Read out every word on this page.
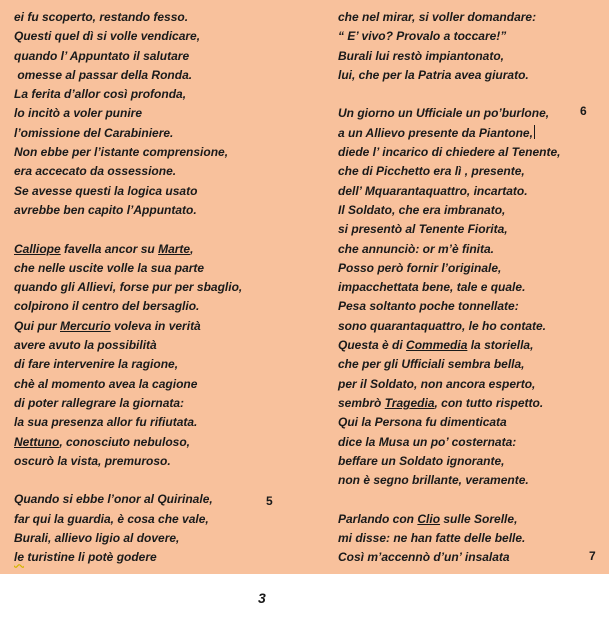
ei fu scoperto, restando fesso.
Questi quel dì si volle vendicare,
quando l’ Appuntato il salutare
omesse al passar della Ronda.
La ferita d’allor così profonda,
lo incitò a voler punire
l’omissione del Carabiniere.
Non ebbe per l’istante comprensione,
era accecato da ossessione.
Se avesse questi la logica usato
avrebbe ben capito l’Appuntato.
Calliope favella ancor su Marte,
che nelle uscite volle la sua parte
quando gli Allievi, forse pur per sbaglio,
colpirono il centro del bersaglio.
Qui pur Mercurio voleva in verità
avere avuto la possibilità
di fare intervenire la ragione,
chè al momento avea la cagione
di poter rallegrare la giornata:
la sua presenza allor fu rifiutata.
Nettuno, conosciuto nebuloso,
oscurò la vista, premuroso.
Quando si ebbe l’onor al Quirinale,
far qui la guardia, è cosa che vale,
Burali, allievo ligio al dovere,
le turistine li potè godere
5
che nel mirar, si voller domandare:
“ E’ vivo? Provalo a toccare!”
Burali lui restò impiantonato,
lui, che per la Patria avea giurato.
Un giorno un Ufficiale un po’burlone,
a un Allievo presente da Piantone,
diede l’ incarico di chiedere al Tenente,
che di Picchetto era lì , presente,
dell’ Mquarantaquattro, incartato.
Il Soldato, che era imbranato,
si presentò al Tenente Fiorita,
che annunciò: or m’è finita.
Posso però fornir l’originale,
impacchettata bene, tale e quale.
Pesa soltanto poche tonnellate:
sono quarantaquattro, le ho contate.
Questa è di Commedia la storiella,
che per gli Ufficiali sembra bella,
per il Soldato, non ancora esperto,
sembrò Tragedia, con tutto rispetto.
Qui la Persona fu dimenticata
dice la Musa un po’ costernata:
beffare un Soldato ignorante,
non è segno brillante, veramente.
Parlando con Clio sulle Sorelle,
mi disse: ne han fatte delle belle.
Così m’accennò d’un’ insalata
6
7
3
